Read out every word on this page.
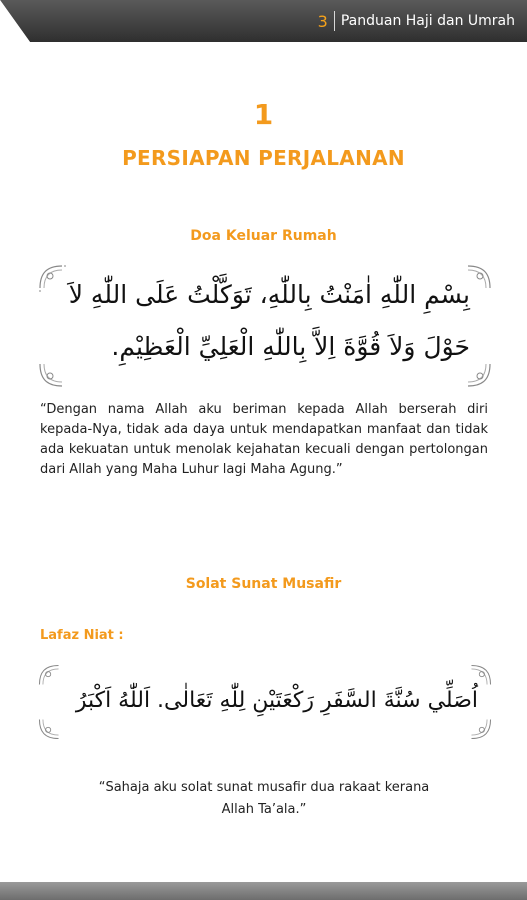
3 Panduan Haji dan Umrah
1
PERSIAPAN PERJALANAN
Doa Keluar Rumah
بِسْمِ اللّٰهِ اٰمَنْتُ بِاللّٰهِ، تَوَكَّلْتُ عَلَى اللّٰهِ لاَ
حَوْلَ وَلاَ قُوَّةَ اِلاَّ بِاللّٰهِ الْعَلِيِّ الْعَظِيْمِ.
“Dengan nama Allah aku beriman kepada Allah berserah diri kepada-Nya, tidak ada daya untuk mendapatkan manfaat dan tidak ada kekuatan untuk menolak kejahatan kecuali dengan pertolongan dari Allah yang Maha Luhur lagi Maha Agung.”
Solat Sunat Musafir
Lafaz Niat :
اُصَلِّي سُنَّةَ السَّفَرِ رَكْعَتَيْنِ لِلّٰهِ تَعَالٰى. اَللّٰهُ اَكْبَرُ
“Sahaja aku solat sunat musafir dua rakaat kerana
Allah Ta’ala.”
